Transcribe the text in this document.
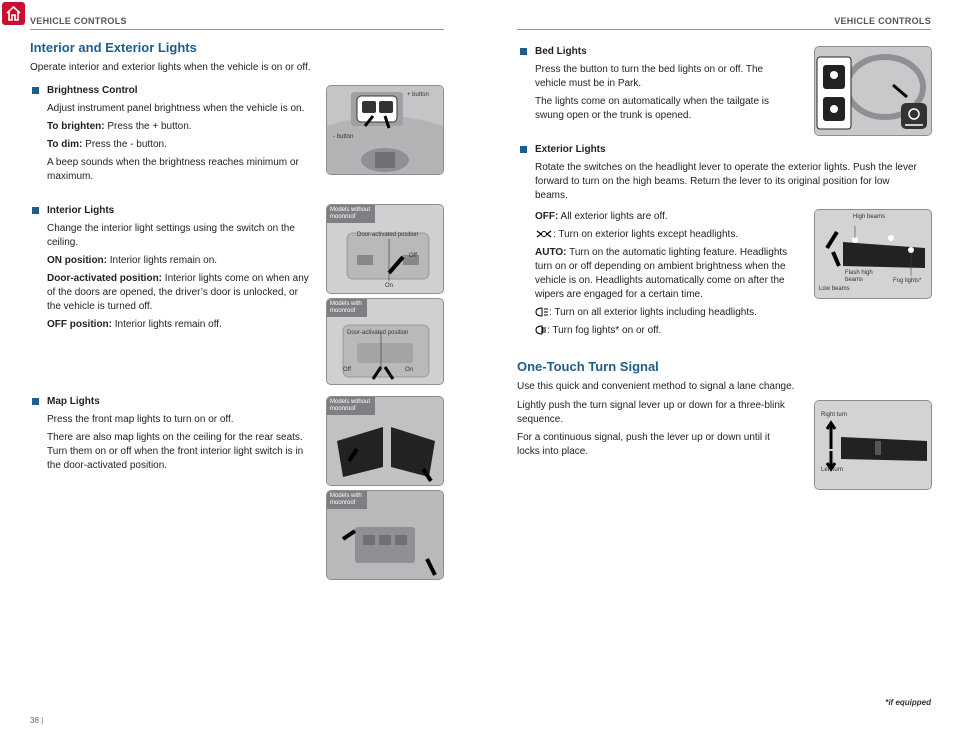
VEHICLE CONTROLS	VEHICLE CONTROLS
Interior and Exterior Lights
Operate interior and exterior lights when the vehicle is on or off.
Brightness Control
Adjust instrument panel brightness when the vehicle is on.
To brighten: Press the + button.
To dim: Press the - button.
A beep sounds when the brightness reaches minimum or maximum.
+ button
- button
Interior Lights
Change the interior light settings using the switch on the ceiling.
ON position: Interior lights remain on.
Door-activated position: Interior lights come on when any of the doors are opened, the driver’s door is unlocked, or the vehicle is turned off.
OFF position: Interior lights remain off.
Models without
moonroof
Door-activated position
Off
On
Models with
moonroof
Door-activated position
Off	On
Map Lights
Press the front map lights to turn on or off.
There are also map lights on the ceiling for the rear seats. Turn them on or off when the front interior light switch is in the door-activated position.
Models without
moonroof
Models with
moonroof
38 |
Bed Lights
Press the button to turn the bed lights on or off. The vehicle must be in Park.
The lights come on automatically when the tailgate is swung open or the trunk is opened.
Exterior Lights
Rotate the switches on the headlight lever to operate the exterior lights. Push the lever forward to turn on the high beams. Return the lever to its original position for low beams.
OFF: All exterior lights are off.
: Turn on exterior lights except headlights.
AUTO: Turn on the automatic lighting feature. Headlights turn on or off depending on ambient brightness when the vehicle is on. Headlights automatically come on after the wipers are engaged for a certain time.
: Turn on all exterior lights including headlights.
: Turn fog lights* on or off.
High beams
Flash high beams
Low beams
Fog lights*
One-Touch Turn Signal
Use this quick and convenient method to signal a lane change.
Lightly push the turn signal lever up or down for a three-blink sequence.
For a continuous signal, push the lever up or down until it locks into place.
Right turn
Left turn
*if equipped
